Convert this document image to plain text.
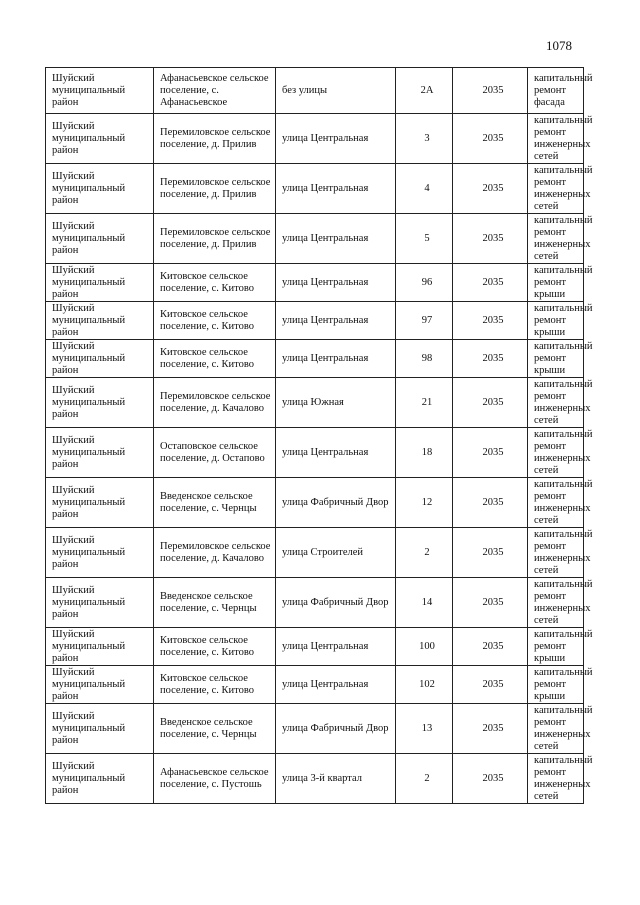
1078
Шуйский муниципальный район	Афанасьевское сельское поселение, с. Афанасьевское	без улицы	2А	2035	капитальный ремонт фасада
Шуйский муниципальный район	Перемиловское сельское поселение, д. Прилив	улица Центральная	3	2035	капитальный ремонт инженерных сетей
Шуйский муниципальный район	Перемиловское сельское поселение, д. Прилив	улица Центральная	4	2035	капитальный ремонт инженерных сетей
Шуйский муниципальный район	Перемиловское сельское поселение, д. Прилив	улица Центральная	5	2035	капитальный ремонт инженерных сетей
Шуйский муниципальный район	Китовское сельское поселение, с. Китово	улица Центральная	96	2035	капитальный ремонт крыши
Шуйский муниципальный район	Китовское сельское поселение, с. Китово	улица Центральная	97	2035	капитальный ремонт крыши
Шуйский муниципальный район	Китовское сельское поселение, с. Китово	улица Центральная	98	2035	капитальный ремонт крыши
Шуйский муниципальный район	Перемиловское сельское поселение, д. Качалово	улица Южная	21	2035	капитальный ремонт инженерных сетей
Шуйский муниципальный район	Остаповское сельское поселение, д. Остапово	улица Центральная	18	2035	капитальный ремонт инженерных сетей
Шуйский муниципальный район	Введенское сельское поселение, с. Чернцы	улица Фабричный Двор	12	2035	капитальный ремонт инженерных сетей
Шуйский муниципальный район	Перемиловское сельское поселение, д. Качалово	улица Строителей	2	2035	капитальный ремонт инженерных сетей
Шуйский муниципальный район	Введенское сельское поселение, с. Чернцы	улица Фабричный Двор	14	2035	капитальный ремонт инженерных сетей
Шуйский муниципальный район	Китовское сельское поселение, с. Китово	улица Центральная	100	2035	капитальный ремонт крыши
Шуйский муниципальный район	Китовское сельское поселение, с. Китово	улица Центральная	102	2035	капитальный ремонт крыши
Шуйский муниципальный район	Введенское сельское поселение, с. Чернцы	улица Фабричный Двор	13	2035	капитальный ремонт инженерных сетей
Шуйский муниципальный район	Афанасьевское сельское поселение, с. Пустошь	улица 3-й квартал	2	2035	капитальный ремонт инженерных сетей
